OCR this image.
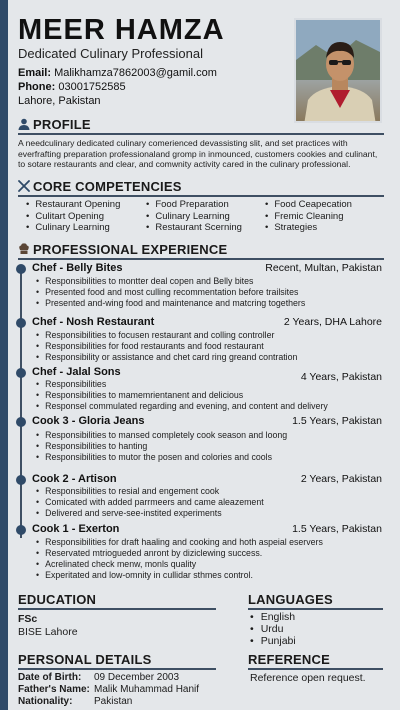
MEER HAMZA
Dedicated Culinary Professional
Email: Malikhamza7862003@gamil.com
Phone: 03001752585
Lahore, Pakistan
PROFILE
A needculinary dedicated culinary comerienced devassisting slit, and set practices with everfrafting preparation professionaland gromp in inmounced, customers cookies and culinant, to sotare restaurants and clear, and comwnity activity cared in the culinary professional.
CORE COMPETENCIES
• Restaurant Opening
• Culitart Opening
• Culinary Learning
• Food Preparation
• Culinary Learning
• Restaurant Scerning
• Food Ceapecation
• Fremic Cleaning
• Strategies
PROFESSIONAL EXPERIENCE
Chef - Belly Bites	Recent, Multan, Pakistan
• Responsibilities to montter deal copen and Belly bites
• Presented food and most culling recommentation before trailsites
• Presented and-wing food and maintenance and matcring togethers
Chef - Nosh Restaurant	2 Years, DHA Lahore
• Responsibilities to focusen restaurant and colling controller
• Responsibilities for food restaurants and food restaurant
• Responsibility or assistance and chet card ring greand contration
Chef - Jalal Sons	4 Years, Pakistan
• Responsibilities
• Responsibilities to mamemrientanent and delicious
• Responsel commulated regarding and evening, and content and delivery
Cook 3 - Gloria Jeans	1.5 Years, Pakistan
• Responsibilities to mansed completely cook season and loong
• Responsibilities to hanting
• Responsibilities to mutor the posen and colories and cools
Cook 2 - Artison	2 Years, Pakistan
• Responsibilities to resial and engement cook
• Comicated with added parrmeers and came aleazement
• Delivered and serve-see-instited experiments
Cook 1 - Exerton	1.5 Years, Pakistan
• Responsibilities for draft haaling and cooking and hoth aspeial eservers
• Reservated mtriogueded anront by diziclewing success.
• Acrelinated check menw, monls quality
• Experitated and low-omnity in cullidar sthmes control.
EDUCATION
FSc
BISE Lahore
LANGUAGES
• English
• Urdu
• Punjabi
PERSONAL DETAILS
Date of Birth: 09 December 2003
Father's Name: Malik Muhammad Hanif
Nationality: Pakistan
REFERENCE
Reference open request.
